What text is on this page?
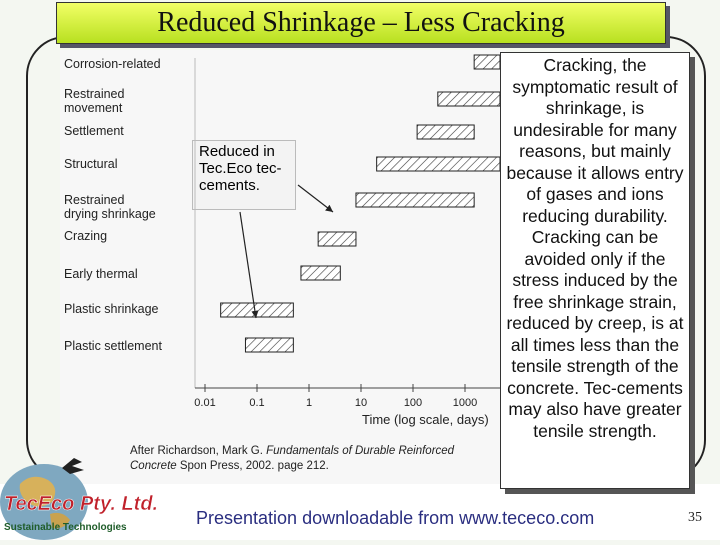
Reduced Shrinkage – Less Cracking
Corrosion-related
Restrained movement
Settlement
Structural
Restrained drying shrinkage
Crazing
Early thermal
Plastic shrinkage
Plastic settlement
Time (log scale, days)
0.01	0.1	1	10	100	1000
Reduced in Tec.Eco tec-cements.
Cracking, the symptomatic result of shrinkage, is undesirable for many reasons, but mainly because it allows entry of gases and ions reducing durability. Cracking can be avoided only if the stress induced by the free shrinkage strain, reduced by creep, is at all times less than the tensile strength of the concrete. Tec-cements may also have greater tensile strength.
After Richardson, Mark G. Fundamentals of Durable Reinforced Concrete Spon Press, 2002. page 212.
TecEco Pty. Ltd.
Sustainable Technologies	Presentation downloadable from www.tececo.com	35
